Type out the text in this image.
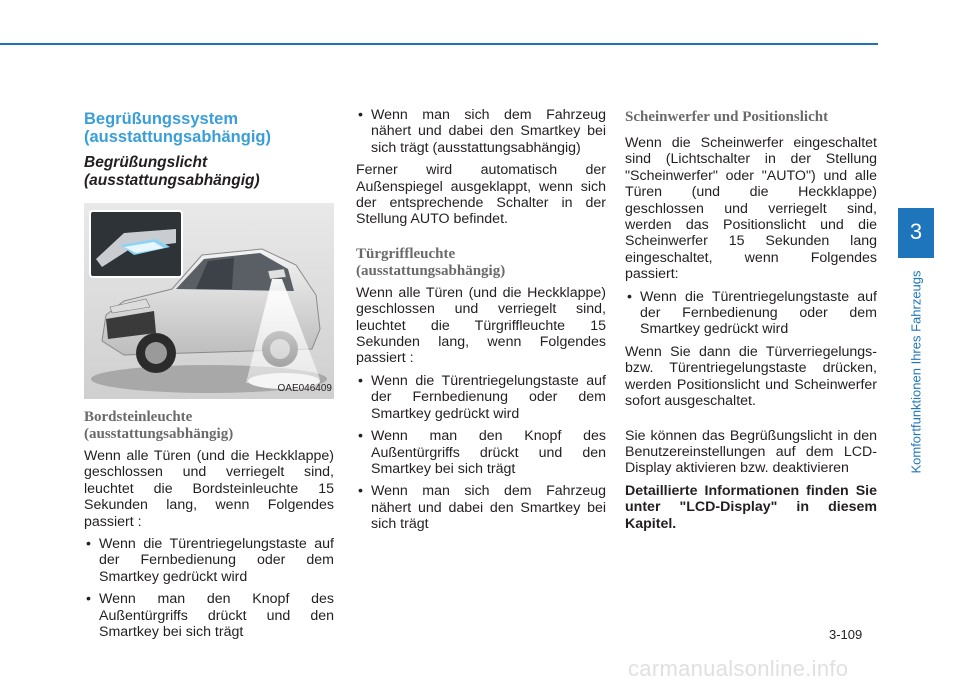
Begrüßungssystem
(ausstattungsabhängig)
Begrüßungslicht
(ausstattungsabhängig)
OAE046409
Bordsteinleuchte
(ausstattungsabhängig)

Wenn alle Türen (und die Heckklappe) geschlossen und verriegelt sind, leuchtet die Bordsteinleuchte 15 Sekunden lang, wenn Folgendes passiert :

• Wenn die Türentriegelungstaste auf der Fernbedienung oder dem Smartkey gedrückt wird
• Wenn man den Knopf des Außentürgriffs drückt und den Smartkey bei sich trägt
• Wenn man sich dem Fahrzeug nähert und dabei den Smartkey bei sich trägt (ausstattungsabhängig)

Ferner wird automatisch der Außenspiegel ausgeklappt, wenn sich der entsprechende Schalter in der Stellung AUTO befindet.

Türgriffleuchte
(ausstattungsabhängig)

Wenn alle Türen (und die Heckklappe) geschlossen und verriegelt sind, leuchtet die Türgriffleuchte 15 Sekunden lang, wenn Folgendes passiert :

• Wenn die Türentriegelungstaste auf der Fernbedienung oder dem Smartkey gedrückt wird
• Wenn man den Knopf des Außentürgriffs drückt und den Smartkey bei sich trägt
• Wenn man sich dem Fahrzeug nähert und dabei den Smartkey bei sich trägt
Scheinwerfer und Positionslicht

Wenn die Scheinwerfer eingeschaltet sind (Lichtschalter in der Stellung "Scheinwerfer" oder "AUTO") und alle Türen (und die Heckklappe) geschlossen und verriegelt sind, werden das Positionslicht und die Scheinwerfer 15 Sekunden lang eingeschaltet, wenn Folgendes passiert:

• Wenn die Türentriegelungstaste auf der Fernbedienung oder dem Smartkey gedrückt wird

Wenn Sie dann die Türverriegelungs- bzw. Türentriegelungstaste drücken, werden Positionslicht und Scheinwerfer sofort ausgeschaltet.

Sie können das Begrüßungslicht in den Benutzereinstellungen auf dem LCD-Display aktivieren bzw. deaktivieren

Detaillierte Informationen finden Sie unter "LCD-Display" in diesem Kapitel.

3
Komfortfunktionen Ihres Fahrzeugs
3-109
carmanualsonline.info
